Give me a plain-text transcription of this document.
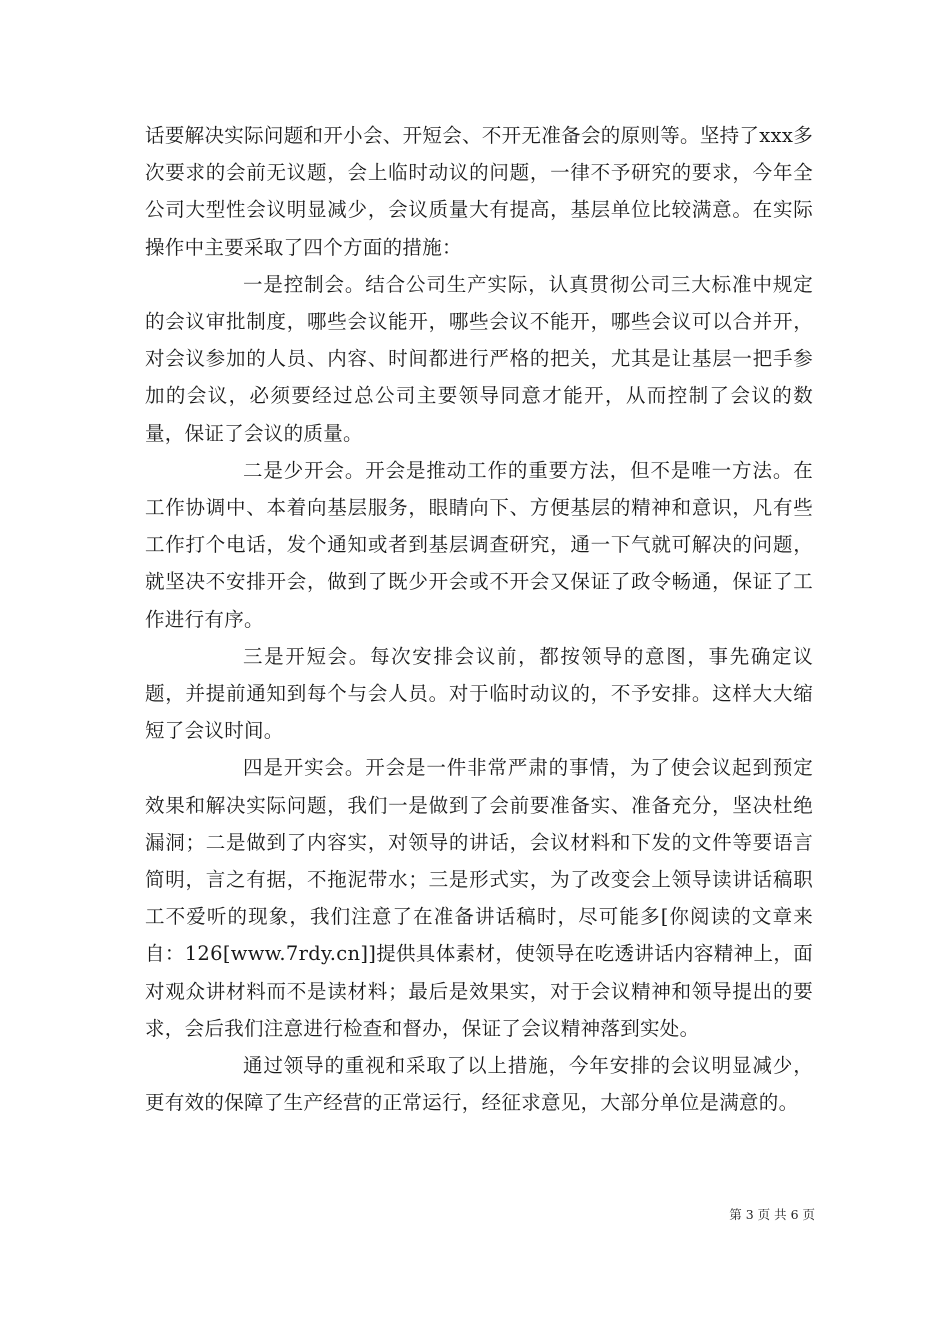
话要解决实际问题和开小会、开短会、不开无准备会的原则等。坚持了xxx多次要求的会前无议题，会上临时动议的问题，一律不予研究的要求，今年全公司大型性会议明显减少，会议质量大有提高，基层单位比较满意。在实际操作中主要采取了四个方面的措施：

一是控制会。结合公司生产实际，认真贯彻公司三大标准中规定的会议审批制度，哪些会议能开，哪些会议不能开，哪些会议可以合并开，对会议参加的人员、内容、时间都进行严格的把关，尤其是让基层一把手参加的会议，必须要经过总公司主要领导同意才能开，从而控制了会议的数量，保证了会议的质量。

二是少开会。开会是推动工作的重要方法，但不是唯一方法。在工作协调中、本着向基层服务，眼睛向下、方便基层的精神和意识，凡有些工作打个电话，发个通知或者到基层调查研究，通一下气就可解决的问题，就坚决不安排开会，做到了既少开会或不开会又保证了政令畅通，保证了工作进行有序。

三是开短会。每次安排会议前，都按领导的意图，事先确定议题，并提前通知到每个与会人员。对于临时动议的，不予安排。这样大大缩短了会议时间。

四是开实会。开会是一件非常严肃的事情，为了使会议起到预定效果和解决实际问题，我们一是做到了会前要准备实、准备充分，坚决杜绝漏洞；二是做到了内容实，对领导的讲话，会议材料和下发的文件等要语言简明，言之有据，不拖泥带水；三是形式实，为了改变会上领导读讲话稿职工不爱听的现象，我们注意了在准备讲话稿时，尽可能多[你阅读的文章来自：126[www.7rdy.cn]]提供具体素材，使领导在吃透讲话内容精神上，面对观众讲材料而不是读材料；最后是效果实，对于会议精神和领导提出的要求，会后我们注意进行检查和督办，保证了会议精神落到实处。

通过领导的重视和采取了以上措施，今年安排的会议明显减少，更有效的保障了生产经营的正常运行，经征求意见，大部分单位是满意的。

第 3 页 共 6 页
